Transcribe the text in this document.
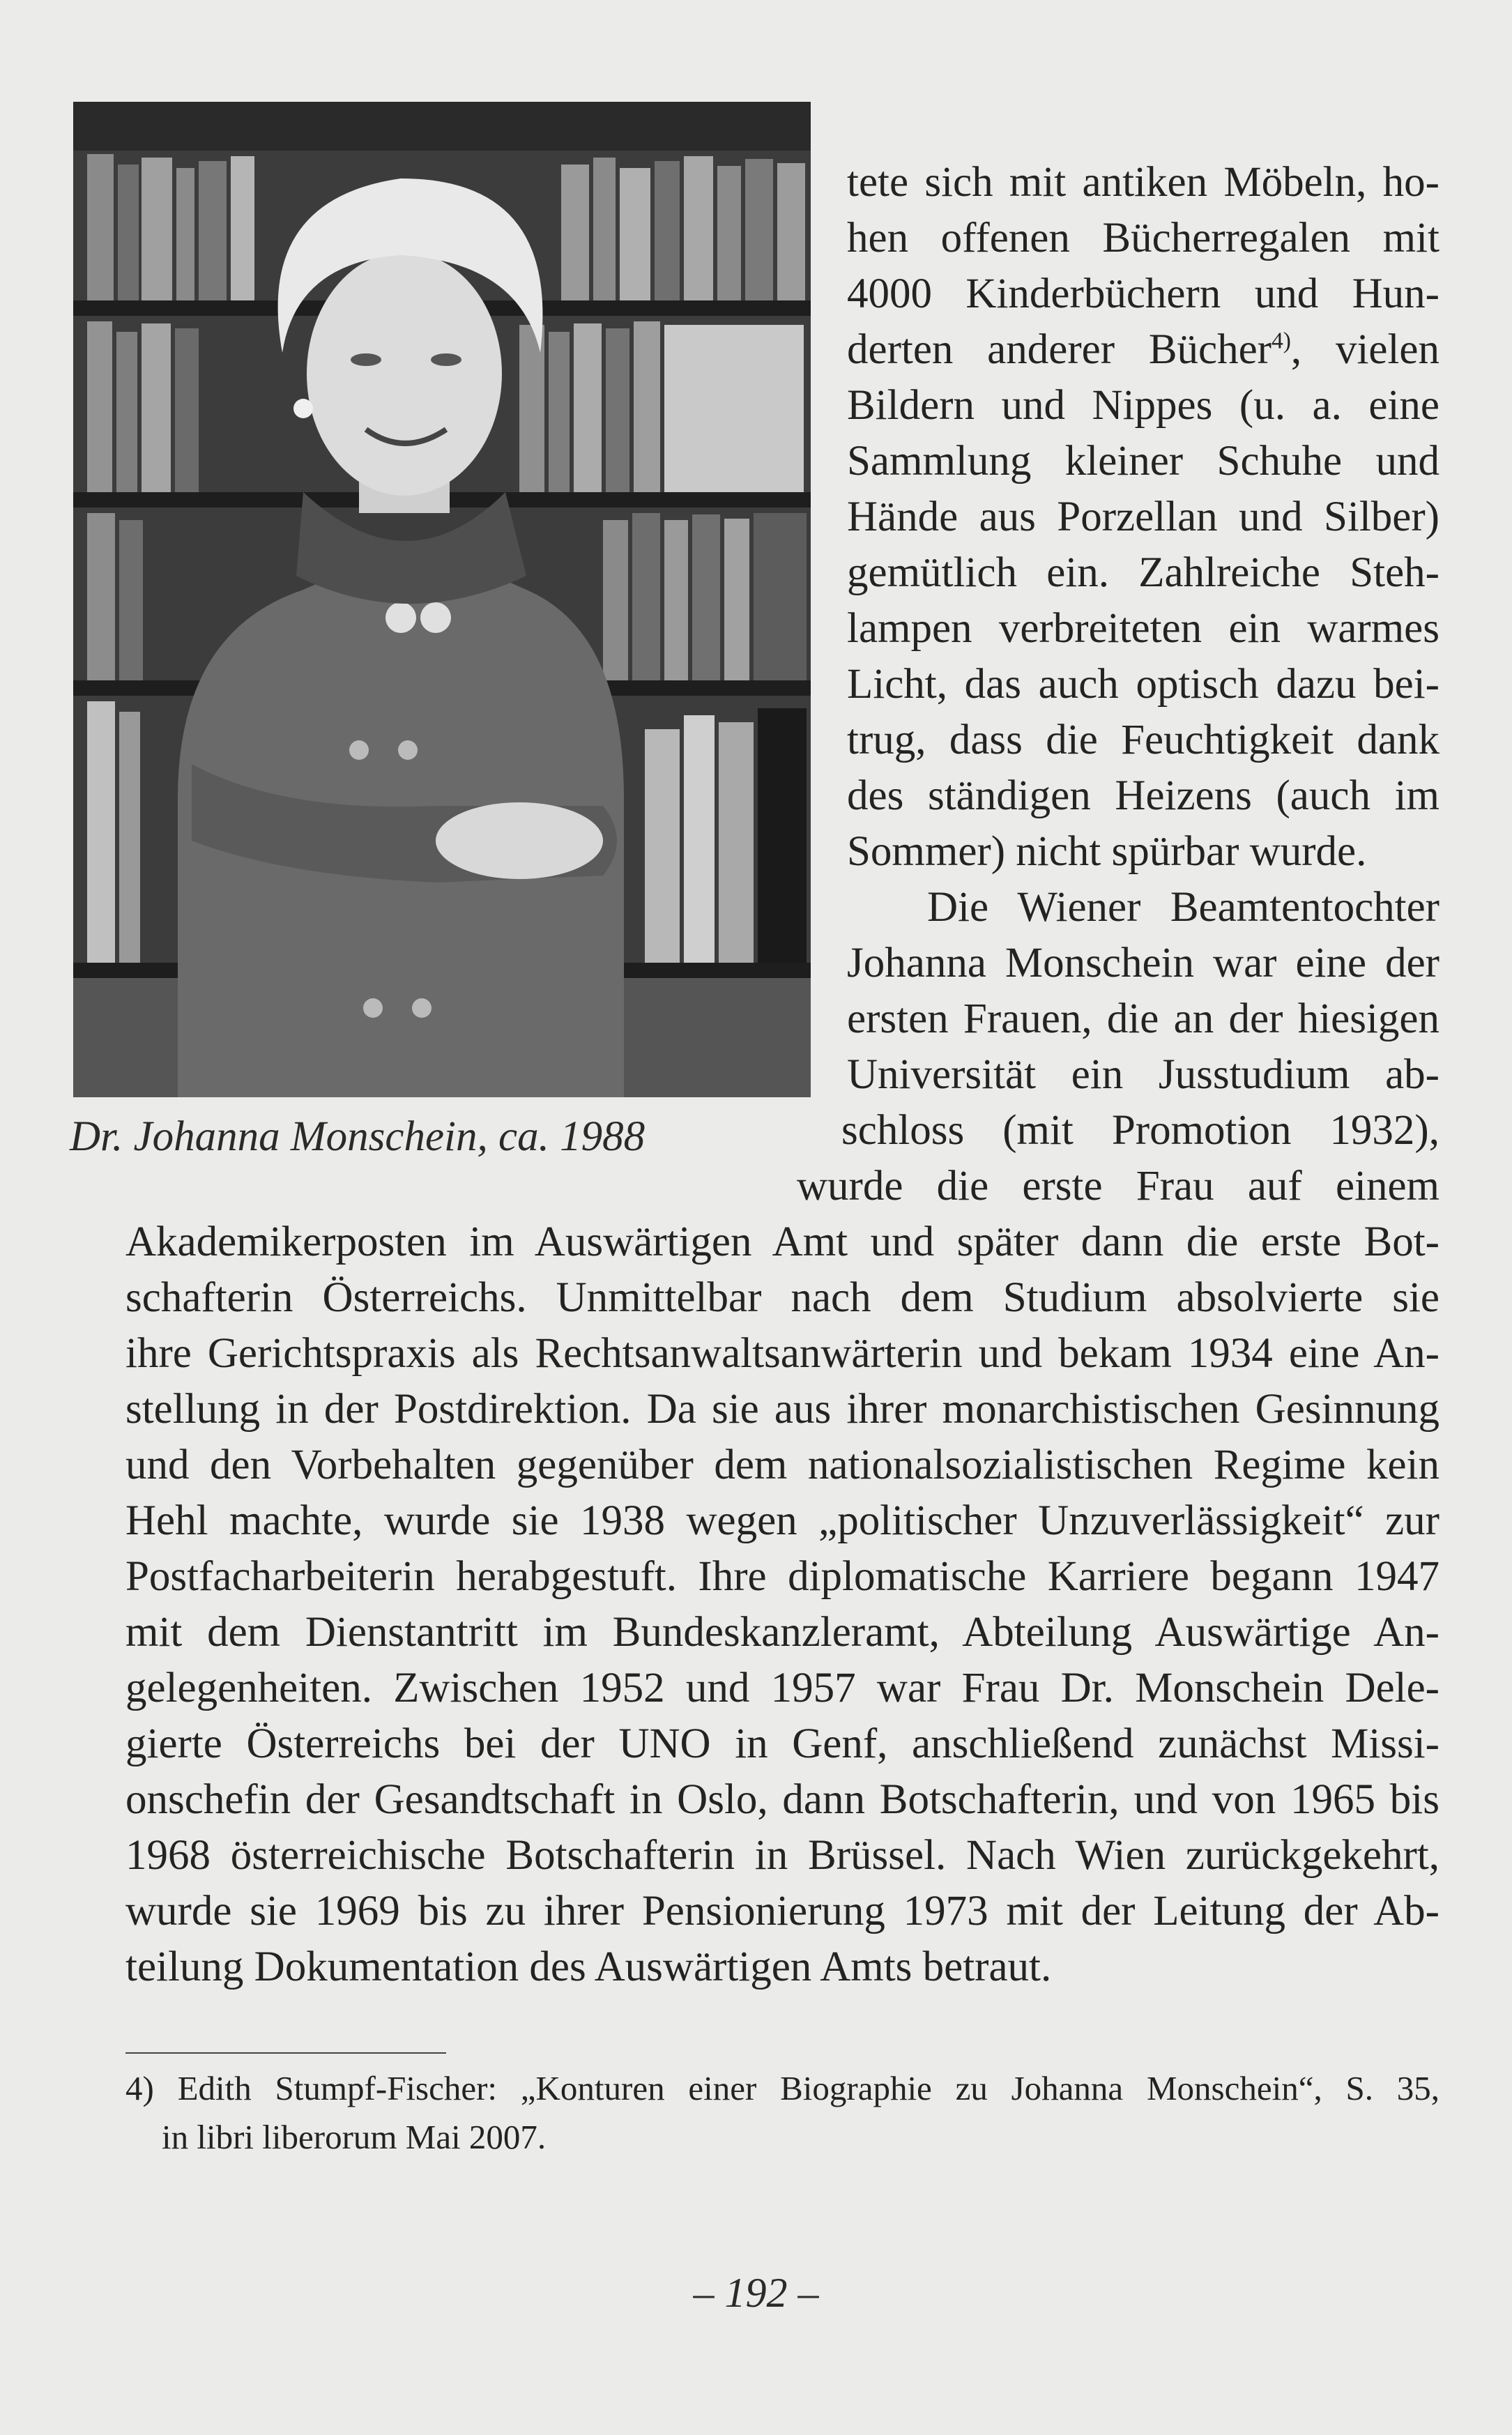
Dr. Johanna Monschein, ca. 1988
tete sich mit antiken Möbeln, ho-
hen offenen Bücherregalen mit
4000 Kinderbüchern und Hun-
derten anderer Bücher$^{4)}$, vielen
Bildern und Nippes (u. a. eine
Sammlung kleiner Schuhe und
Hände aus Porzellan und Silber)
gemütlich ein. Zahlreiche Steh-
lampen verbreiteten ein warmes
Licht, das auch optisch dazu bei-
trug, dass die Feuchtigkeit dank
des ständigen Heizens (auch im
Sommer) nicht spürbar wurde.
Die Wiener Beamtentochter
Johanna Monschein war eine der
ersten Frauen, die an der hiesigen
Universität ein Jusstudium ab-
schloss (mit Promotion 1932),
wurde die erste Frau auf einem
Akademikerposten im Auswärtigen Amt und später dann die erste Bot-
schafterin Österreichs. Unmittelbar nach dem Studium absolvierte sie
ihre Gerichtspraxis als Rechtsanwaltsanwärterin und bekam 1934 eine An-
stellung in der Postdirektion. Da sie aus ihrer monarchistischen Gesinnung
und den Vorbehalten gegenüber dem nationalsozialistischen Regime kein
Hehl machte, wurde sie 1938 wegen „politischer Unzuverlässigkeit“ zur
Postfacharbeiterin herabgestuft. Ihre diplomatische Karriere begann 1947
mit dem Dienstantritt im Bundeskanzleramt, Abteilung Auswärtige An-
gelegenheiten. Zwischen 1952 und 1957 war Frau Dr. Monschein Dele-
gierte Österreichs bei der UNO in Genf, anschließend zunächst Missi-
onschefin der Gesandtschaft in Oslo, dann Botschafterin, und von 1965 bis
1968 österreichische Botschafterin in Brüssel. Nach Wien zurückgekehrt,
wurde sie 1969 bis zu ihrer Pensionierung 1973 mit der Leitung der Ab-
teilung Dokumentation des Auswärtigen Amts betraut.
4) Edith Stumpf-Fischer: „Konturen einer Biographie zu Johanna Monschein“, S. 35,
in libri liberorum Mai 2007.
– 192 –
